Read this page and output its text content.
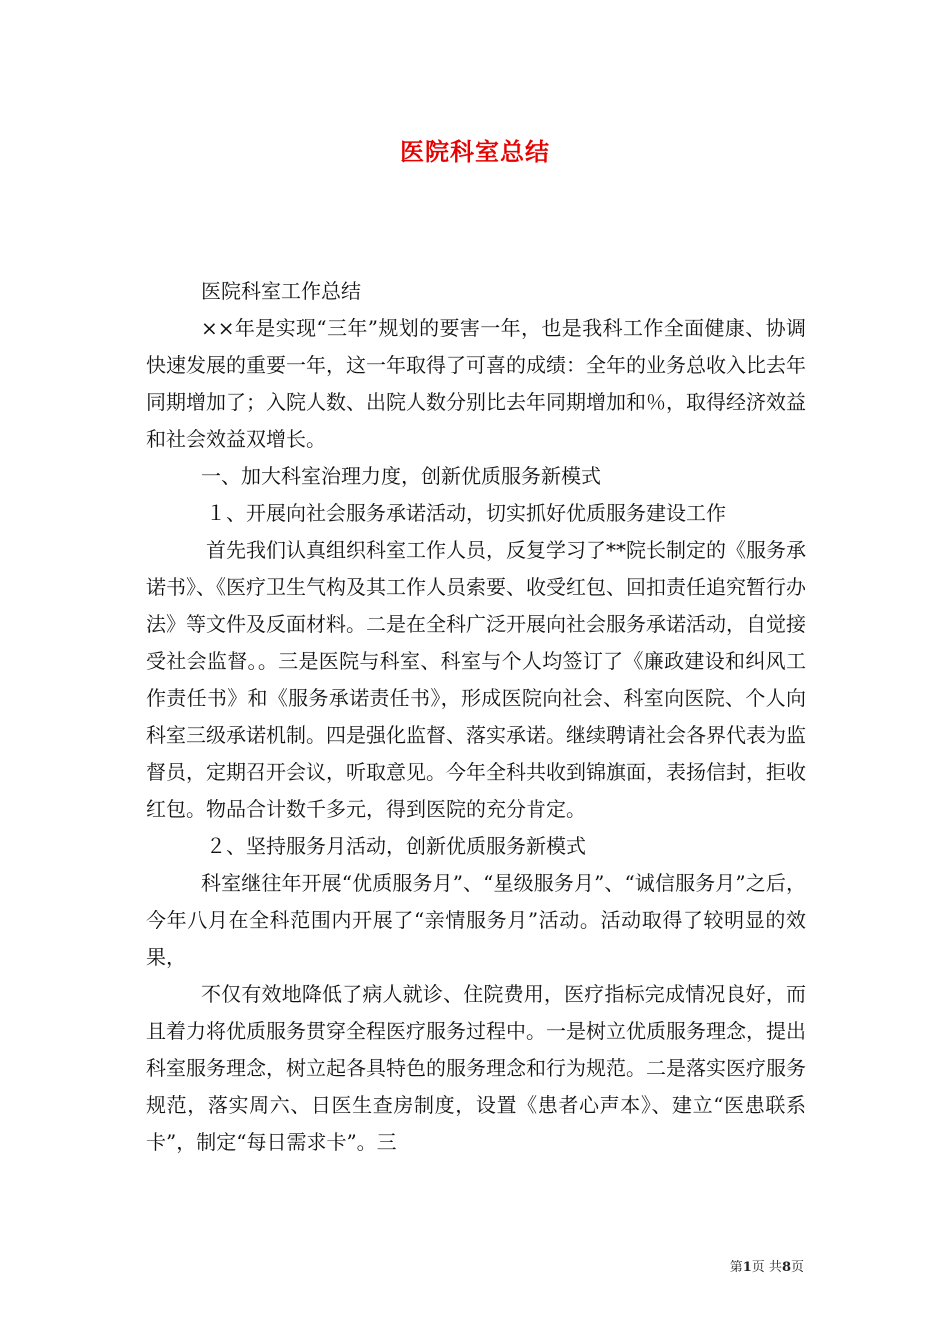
医院科室总结

医院科室工作总结

××年是实现“三年”规划的要害一年，也是我科工作全面健康、协调快速发展的重要一年，这一年取得了可喜的成绩：全年的业务总收入比去年同期增加了；入院人数、出院人数分别比去年同期增加和％，取得经济效益和社会效益双增长。

一、加大科室治理力度，创新优质服务新模式

１、开展向社会服务承诺活动，切实抓好优质服务建设工作

首先我们认真组织科室工作人员，反复学习了**院长制定的《服务承诺书》、《医疗卫生气构及其工作人员索要、收受红包、回扣责任追究暂行办法》等文件及反面材料。二是在全科广泛开展向社会服务承诺活动，自觉接受社会监督。。三是医院与科室、科室与个人均签订了《廉政建设和纠风工作责任书》和《服务承诺责任书》，形成医院向社会、科室向医院、个人向科室三级承诺机制。四是强化监督、落实承诺。继续聘请社会各界代表为监督员，定期召开会议，听取意见。今年全科共收到锦旗面，表扬信封，拒收红包。物品合计数千多元，得到医院的充分肯定。

２、坚持服务月活动，创新优质服务新模式

科室继往年开展“优质服务月”、“星级服务月”、“诚信服务月”之后，今年八月在全科范围内开展了“亲情服务月”活动。活动取得了较明显的效果，

不仅有效地降低了病人就诊、住院费用，医疗指标完成情况良好，而且着力将优质服务贯穿全程医疗服务过程中。一是树立优质服务理念，提出科室服务理念，树立起各具特色的服务理念和行为规范。二是落实医疗服务规范，落实周六、日医生查房制度，设置《患者心声本》、建立“医患联系卡”，制定“每日需求卡”。三

第1页 共8页
